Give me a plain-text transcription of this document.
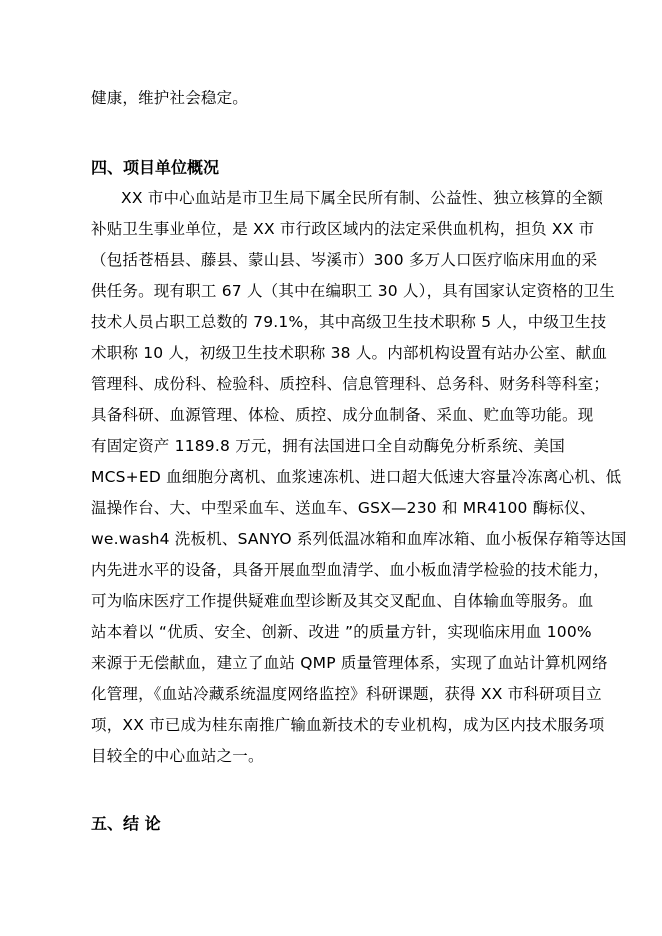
健康，维护社会稳定。
四、项目单位概况
XX 市中心血站是市卫生局下属全民所有制、公益性、独立核算的全额
补贴卫生事业单位，是 XX 市行政区域内的法定采供血机构，担负 XX 市
（包括苍梧县、藤县、蒙山县、岑溪市）300 多万人口医疗临床用血的采
供任务。现有职工 67 人（其中在编职工 30 人），具有国家认定资格的卫生
技术人员占职工总数的 79.1%，其中高级卫生技术职称 5 人，中级卫生技
术职称 10 人，初级卫生技术职称 38 人。内部机构设置有站办公室、献血
管理科、成份科、检验科、质控科、信息管理科、总务科、财务科等科室；
具备科研、血源管理、体检、质控、成分血制备、采血、贮血等功能。现
有固定资产 1189.8 万元，拥有法国进口全自动酶免分析系统、美国
MCS+ED 血细胞分离机、血浆速冻机、进口超大低速大容量冷冻离心机、低
温操作台、大、中型采血车、送血车、GSX—230 和 MR4100 酶标仪、
we.wash4 洗板机、SANYO 系列低温冰箱和血库冰箱、血小板保存箱等达国
内先进水平的设备，具备开展血型血清学、血小板血清学检验的技术能力，
可为临床医疗工作提供疑难血型诊断及其交叉配血、自体输血等服务。血
站本着以 “优质、安全、创新、改进 ”的质量方针，实现临床用血 100%
来源于无偿献血，建立了血站 QMP 质量管理体系，实现了血站计算机网络
化管理，《血站冷藏系统温度网络监控》科研课题，获得 XX 市科研项目立
项，XX 市已成为桂东南推广输血新技术的专业机构，成为区内技术服务项
目较全的中心血站之一。
五、结 论
